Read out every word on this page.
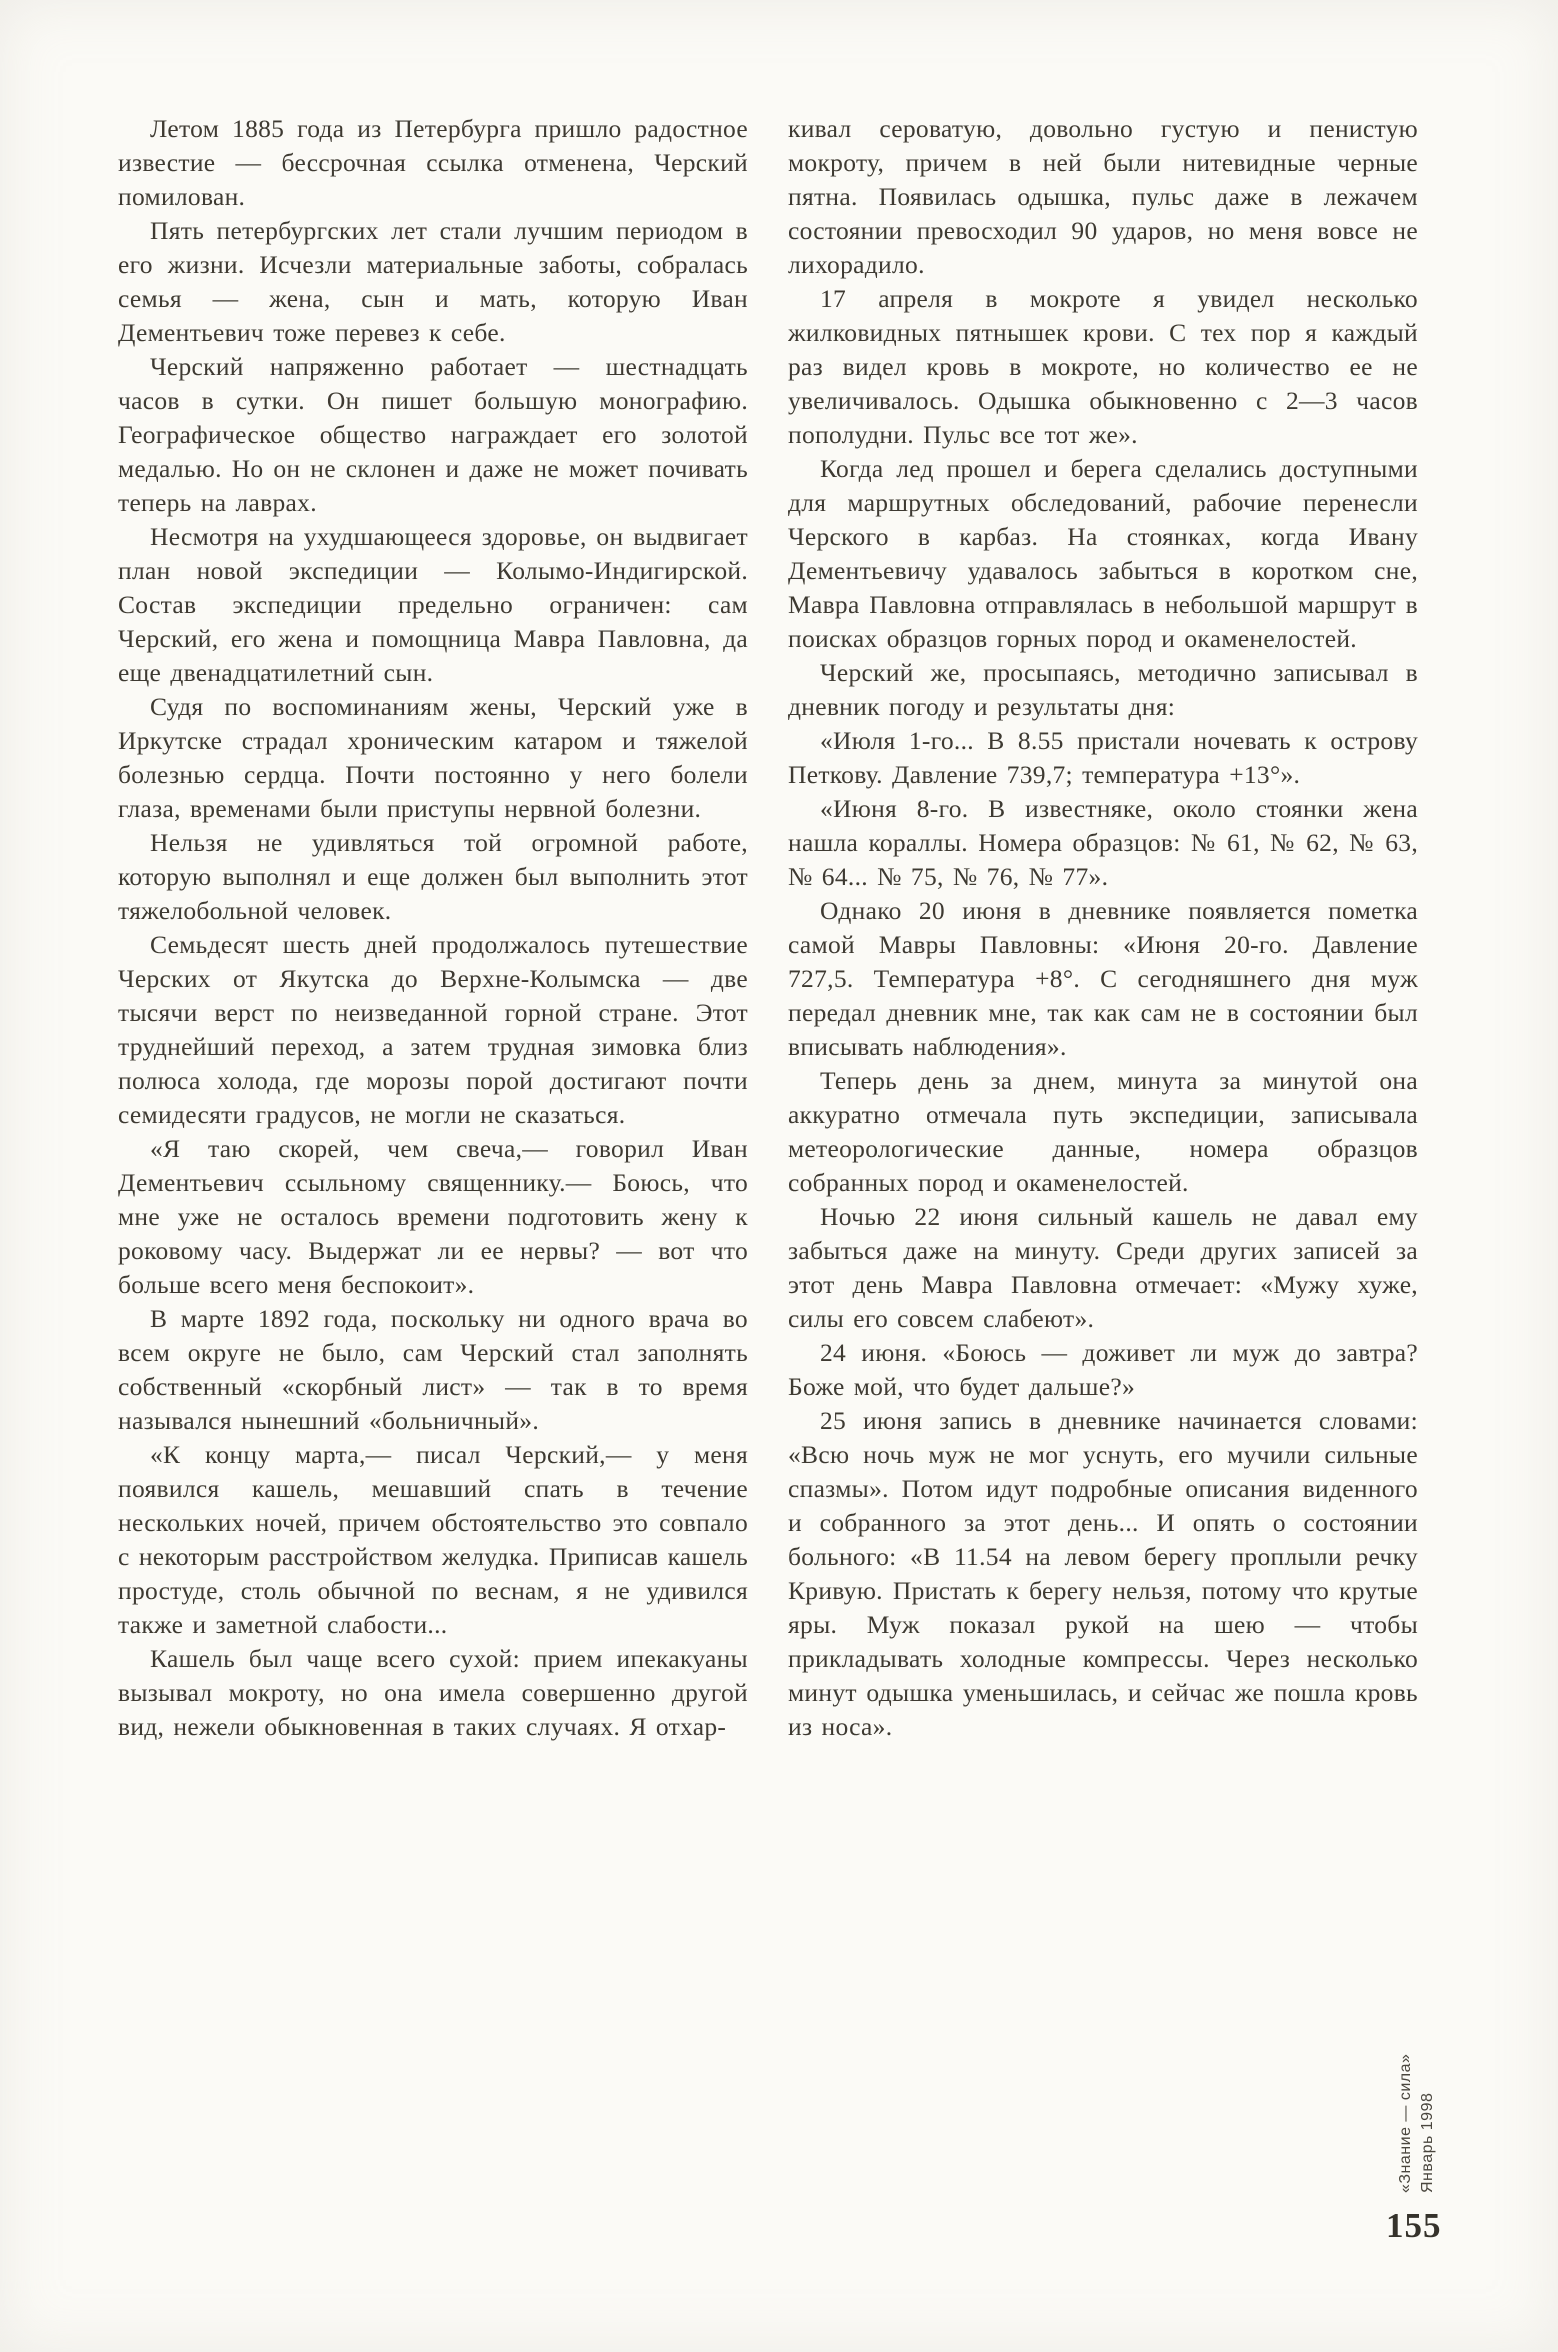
Летом 1885 года из Петербурга пришло радостное известие — бессрочная ссылка отменена, Черский помилован.

Пять петербургских лет стали лучшим периодом в его жизни. Исчезли материальные заботы, собралась семья — жена, сын и мать, которую Иван Дементьевич тоже перевез к себе.

Черский напряженно работает — шестнадцать часов в сутки. Он пишет большую монографию. Географическое общество награждает его золотой медалью. Но он не склонен и даже не может почивать теперь на лаврах.

Несмотря на ухудшающееся здоровье, он выдвигает план новой экспедиции — Колымо-Индигирской. Состав экспедиции предельно ограничен: сам Черский, его жена и помощница Мавра Павловна, да еще двенадцатилетний сын.

Судя по воспоминаниям жены, Черский уже в Иркутске страдал хроническим катаром и тяжелой болезнью сердца. Почти постоянно у него болели глаза, временами были приступы нервной болезни.

Нельзя не удивляться той огромной работе, которую выполнял и еще должен был выполнить этот тяжелобольной человек.

Семьдесят шесть дней продолжалось путешествие Черских от Якутска до Верхне-Колымска — две тысячи верст по неизведанной горной стране. Этот труднейший переход, а затем трудная зимовка близ полюса холода, где морозы порой достигают почти семидесяти градусов, не могли не сказаться.

«Я таю скорей, чем свеча,— говорил Иван Дементьевич ссыльному священнику.— Боюсь, что мне уже не осталось времени подготовить жену к роковому часу. Выдержат ли ее нервы? — вот что больше всего меня беспокоит».

В марте 1892 года, поскольку ни одного врача во всем округе не было, сам Черский стал заполнять собственный «скорбный лист» — так в то время назывался нынешний «больничный».

«К концу марта,— писал Черский,— у меня появился кашель, мешавший спать в течение нескольких ночей, причем обстоятельство это совпало с некоторым расстройством желудка. Приписав кашель простуде, столь обычной по веснам, я не удивился также и заметной слабости...

Кашель был чаще всего сухой: прием ипекакуаны вызывал мокроту, но она имела совершенно другой вид, нежели обыкновенная в таких случаях. Я отхар-

кивал сероватую, довольно густую и пенистую мокроту, причем в ней были нитевидные черные пятна. Появилась одышка, пульс даже в лежачем состоянии превосходил 90 ударов, но меня вовсе не лихорадило.

17 апреля в мокроте я увидел несколько жилковидных пятнышек крови. С тех пор я каждый раз видел кровь в мокроте, но количество ее не увеличивалось. Одышка обыкновенно с 2—3 часов пополудни. Пульс все тот же».

Когда лед прошел и берега сделались доступными для маршрутных обследований, рабочие перенесли Черского в карбаз. На стоянках, когда Ивану Дементьевичу удавалось забыться в коротком сне, Мавра Павловна отправлялась в небольшой маршрут в поисках образцов горных пород и окаменелостей.

Черский же, просыпаясь, методично записывал в дневник погоду и результаты дня:

«Июля 1-го... В 8.55 пристали ночевать к острову Петкову. Давление 739,7; температура +13°».

«Июня 8-го. В известняке, около стоянки жена нашла кораллы. Номера образцов: № 61, № 62, № 63, № 64... № 75, № 76, № 77».

Однако 20 июня в дневнике появляется пометка самой Мавры Павловны: «Июня 20-го. Давление 727,5. Температура +8°. С сегодняшнего дня муж передал дневник мне, так как сам не в состоянии был вписывать наблюдения».

Теперь день за днем, минута за минутой она аккуратно отмечала путь экспедиции, записывала метеорологические данные, номера образцов собранных пород и окаменелостей.

Ночью 22 июня сильный кашель не давал ему забыться даже на минуту. Среди других записей за этот день Мавра Павловна отмечает: «Мужу хуже, силы его совсем слабеют».

24 июня. «Боюсь — доживет ли муж до завтра? Боже мой, что будет дальше?»

25 июня запись в дневнике начинается словами: «Всю ночь муж не мог уснуть, его мучили сильные спазмы». Потом идут подробные описания виденного и собранного за этот день... И опять о состоянии больного: «В 11.54 на левом берегу проплыли речку Кривую. Пристать к берегу нельзя, потому что крутые яры. Муж показал рукой на шею — чтобы прикладывать холодные компрессы. Через несколько минут одышка уменьшилась, и сейчас же пошла кровь из носа».

«Знание — сила» Январь 1998
155
